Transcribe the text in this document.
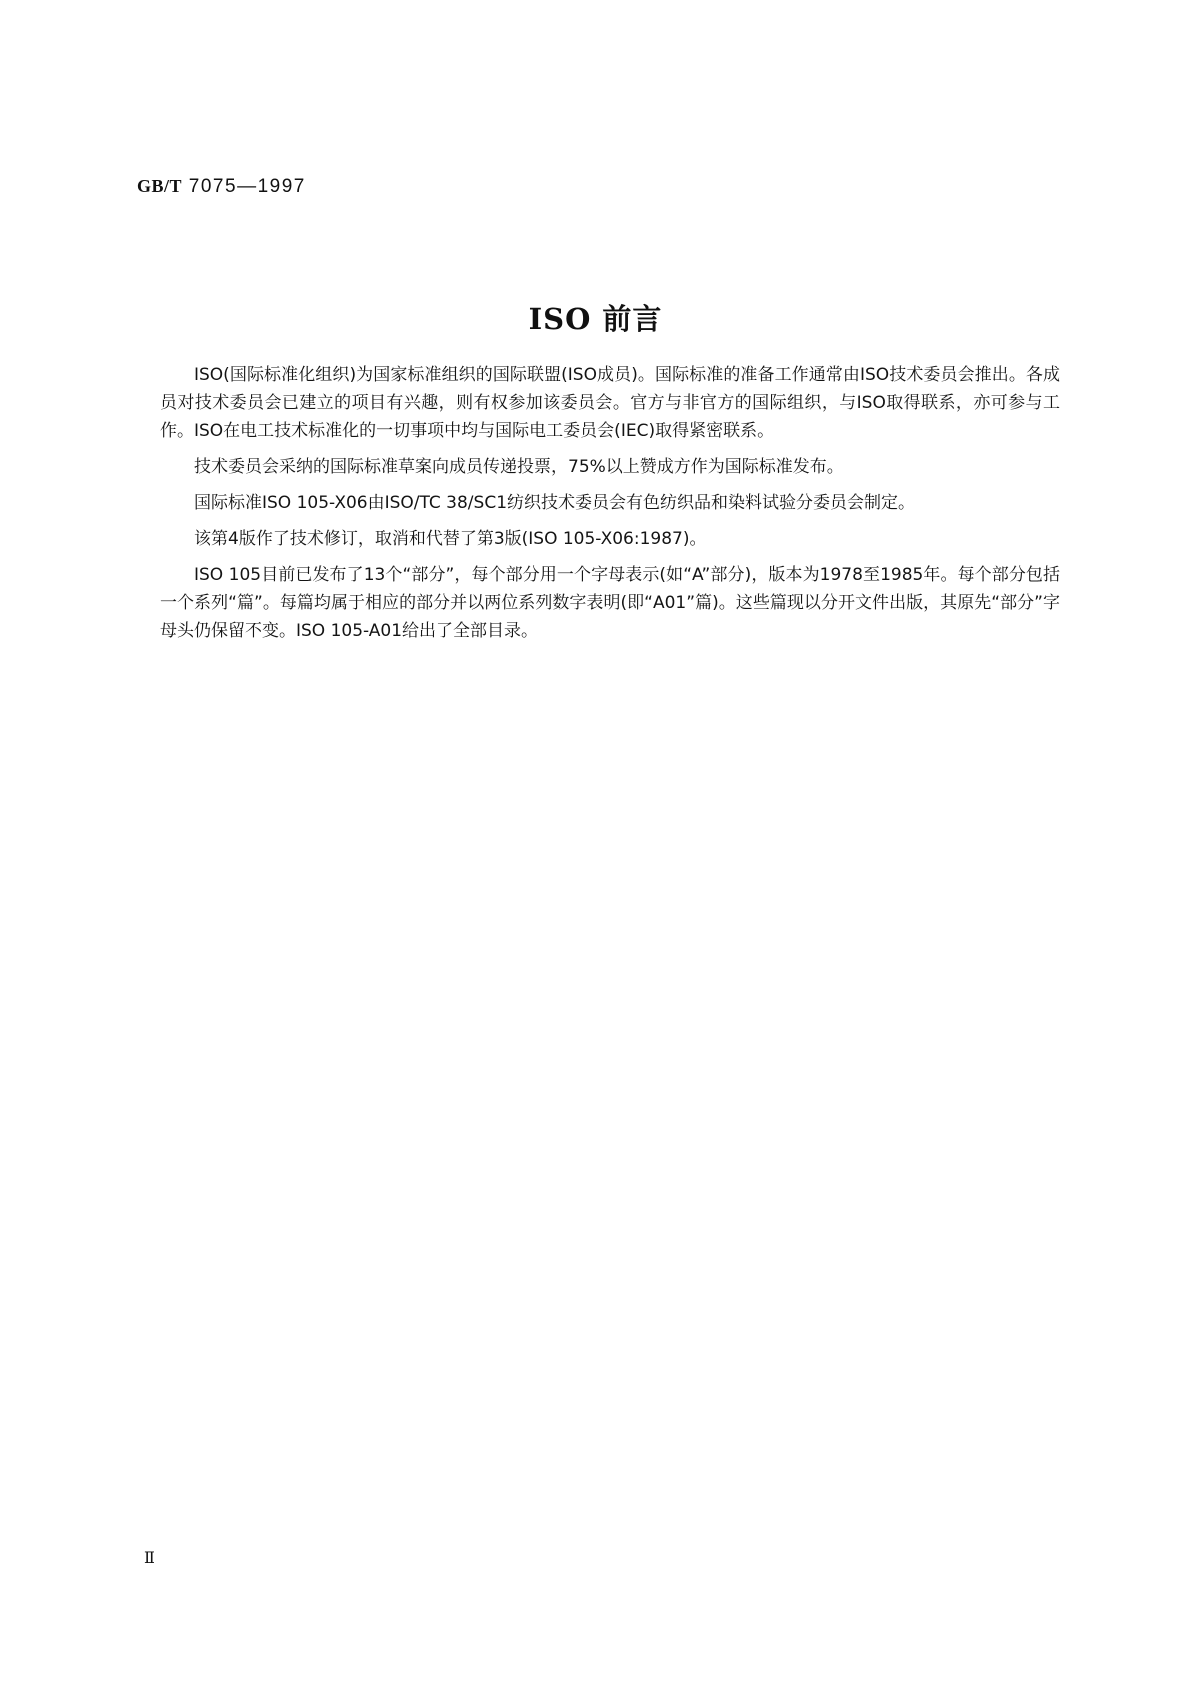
GB/T 7075—1997
ISO 前言

ISO(国际标准化组织)为国家标准组织的国际联盟(ISO成员)。国际标准的准备工作通常由ISO技术委员会推出。各成员对技术委员会已建立的项目有兴趣，则有权参加该委员会。官方与非官方的国际组织，与ISO取得联系，亦可参与工作。ISO在电工技术标准化的一切事项中均与国际电工委员会(IEC)取得紧密联系。

技术委员会采纳的国际标准草案向成员传递投票，75%以上赞成方作为国际标准发布。

国际标准ISO 105-X06由ISO/TC 38/SC1纺织技术委员会有色纺织品和染料试验分委员会制定。

该第4版作了技术修订，取消和代替了第3版(ISO 105-X06:1987)。

ISO 105目前已发布了13个“部分”，每个部分用一个字母表示(如“A”部分)，版本为1978至1985年。每个部分包括一个系列“篇”。每篇均属于相应的部分并以两位系列数字表明(即“A01”篇)。这些篇现以分开文件出版，其原先“部分”字母头仍保留不变。ISO 105-A01给出了全部目录。

Ⅱ
